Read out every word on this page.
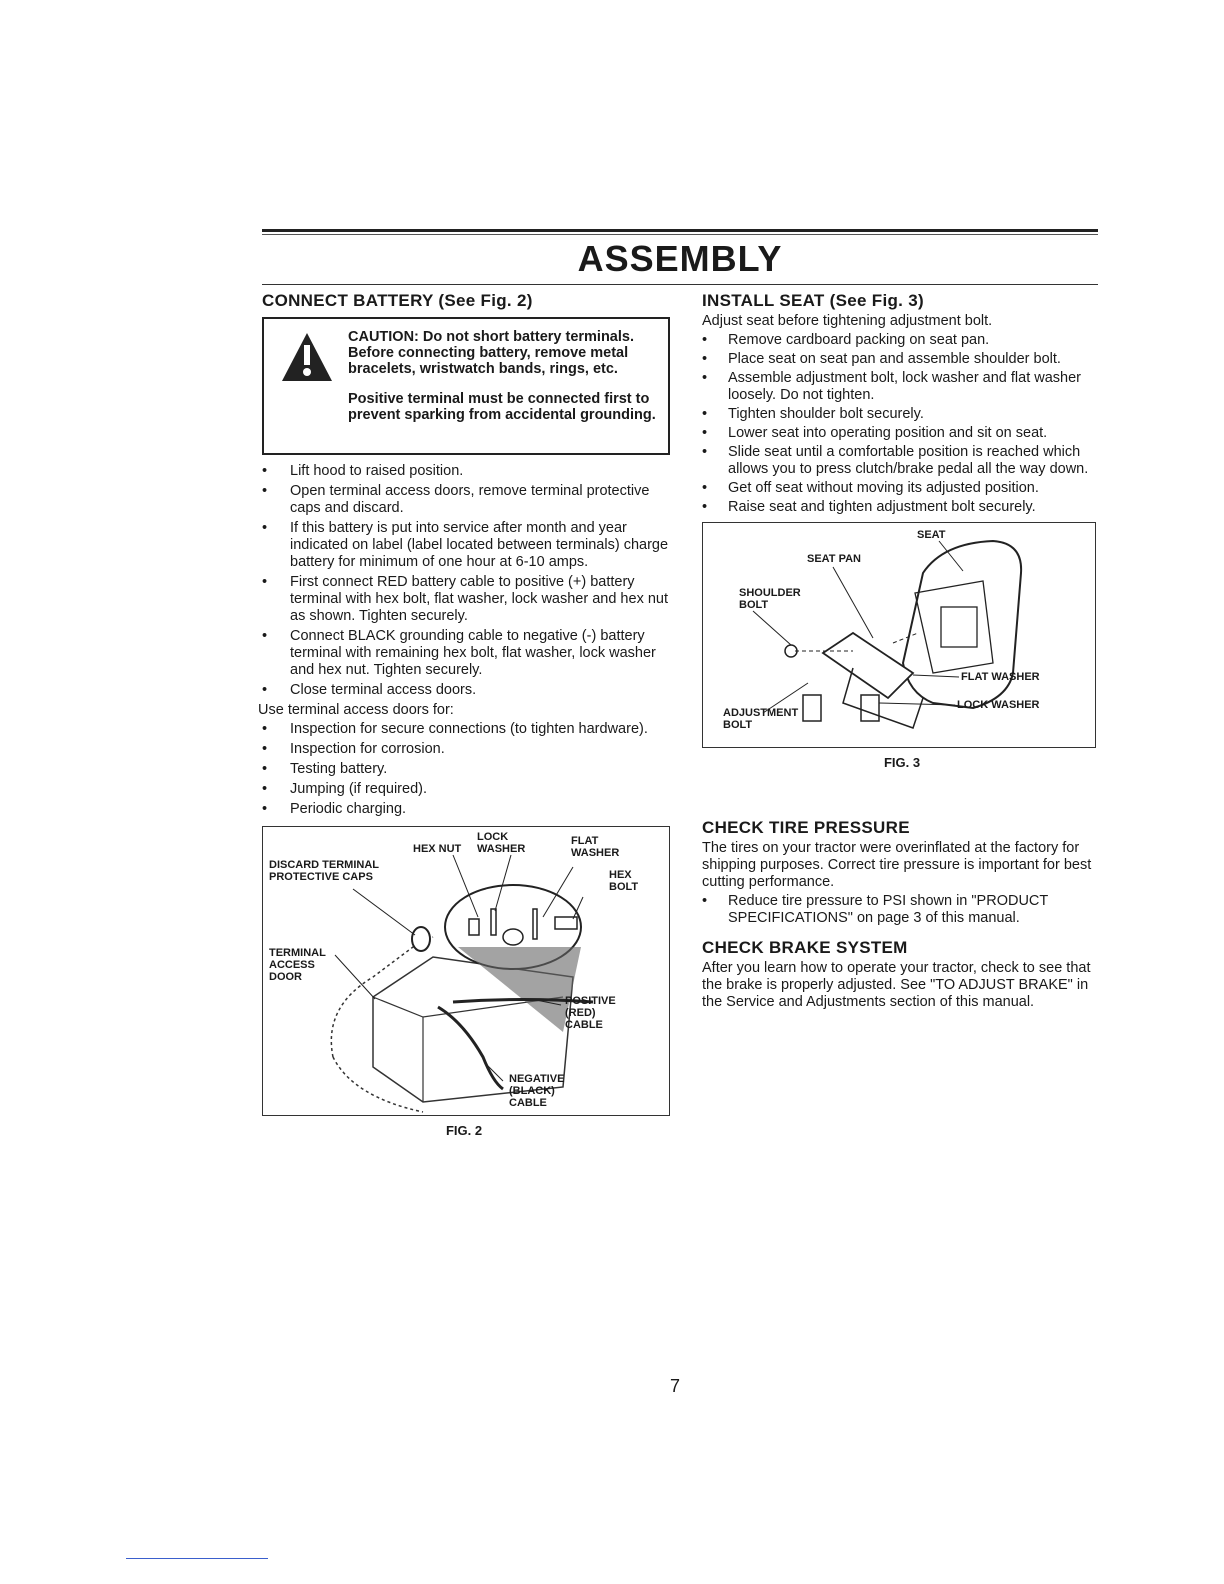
ASSEMBLY
CONNECT BATTERY (See Fig. 2)

CAUTION: Do not short battery terminals. Before connecting battery, remove metal bracelets, wristwatch bands, rings, etc.

Positive terminal must be connected first to prevent sparking from accidental grounding.

• Lift hood to raised position.
• Open terminal access doors, remove terminal protective caps and discard.
• If this battery is put into service after month and year indicated on label (label located between terminals) charge battery for minimum of one hour at 6-10 amps.
• First connect RED battery cable to positive (+) battery terminal with hex bolt, flat washer, lock washer and hex nut as shown. Tighten securely.
• Connect BLACK grounding cable to negative (-) battery terminal with remaining hex bolt, flat washer, lock washer and hex nut. Tighten securely.
• Close terminal access doors.
Use terminal access doors for:
• Inspection for secure connections (to tighten hardware).
• Inspection for corrosion.
• Testing battery.
• Jumping (if required).
• Periodic charging.
LOCK
WASHER
FLAT
WASHER
HEX NUT
HEX
BOLT
DISCARD TERMINAL
PROTECTIVE CAPS
TERMINAL
ACCESS
DOOR
POSITIVE
(RED)
CABLE
NEGATIVE
(BLACK)
CABLE
FIG. 2
INSTALL SEAT (See Fig. 3)
Adjust seat before tightening adjustment bolt.
• Remove cardboard packing on seat pan.
• Place seat on seat pan and assemble shoulder bolt.
• Assemble adjustment bolt, lock washer and flat washer loosely. Do not tighten.
• Tighten shoulder bolt securely.
• Lower seat into operating position and sit on seat.
• Slide seat until a comfortable position is reached which allows you to press clutch/brake pedal all the way down.
• Get off seat without moving its adjusted position.
• Raise seat and tighten adjustment bolt securely.
SEAT
SEAT PAN
SHOULDER
BOLT
FLAT WASHER
LOCK WASHER
ADJUSTMENT
BOLT
FIG. 3
CHECK TIRE PRESSURE

The tires on your tractor were overinflated at the factory for shipping purposes. Correct tire pressure is important for best cutting performance.

• Reduce tire pressure to PSI shown in "PRODUCT SPECIFICATIONS" on page 3 of this manual.
CHECK BRAKE SYSTEM

After you learn how to operate your tractor, check to see that the brake is properly adjusted. See "TO ADJUST BRAKE" in the Service and Adjustments section of this manual.

7
